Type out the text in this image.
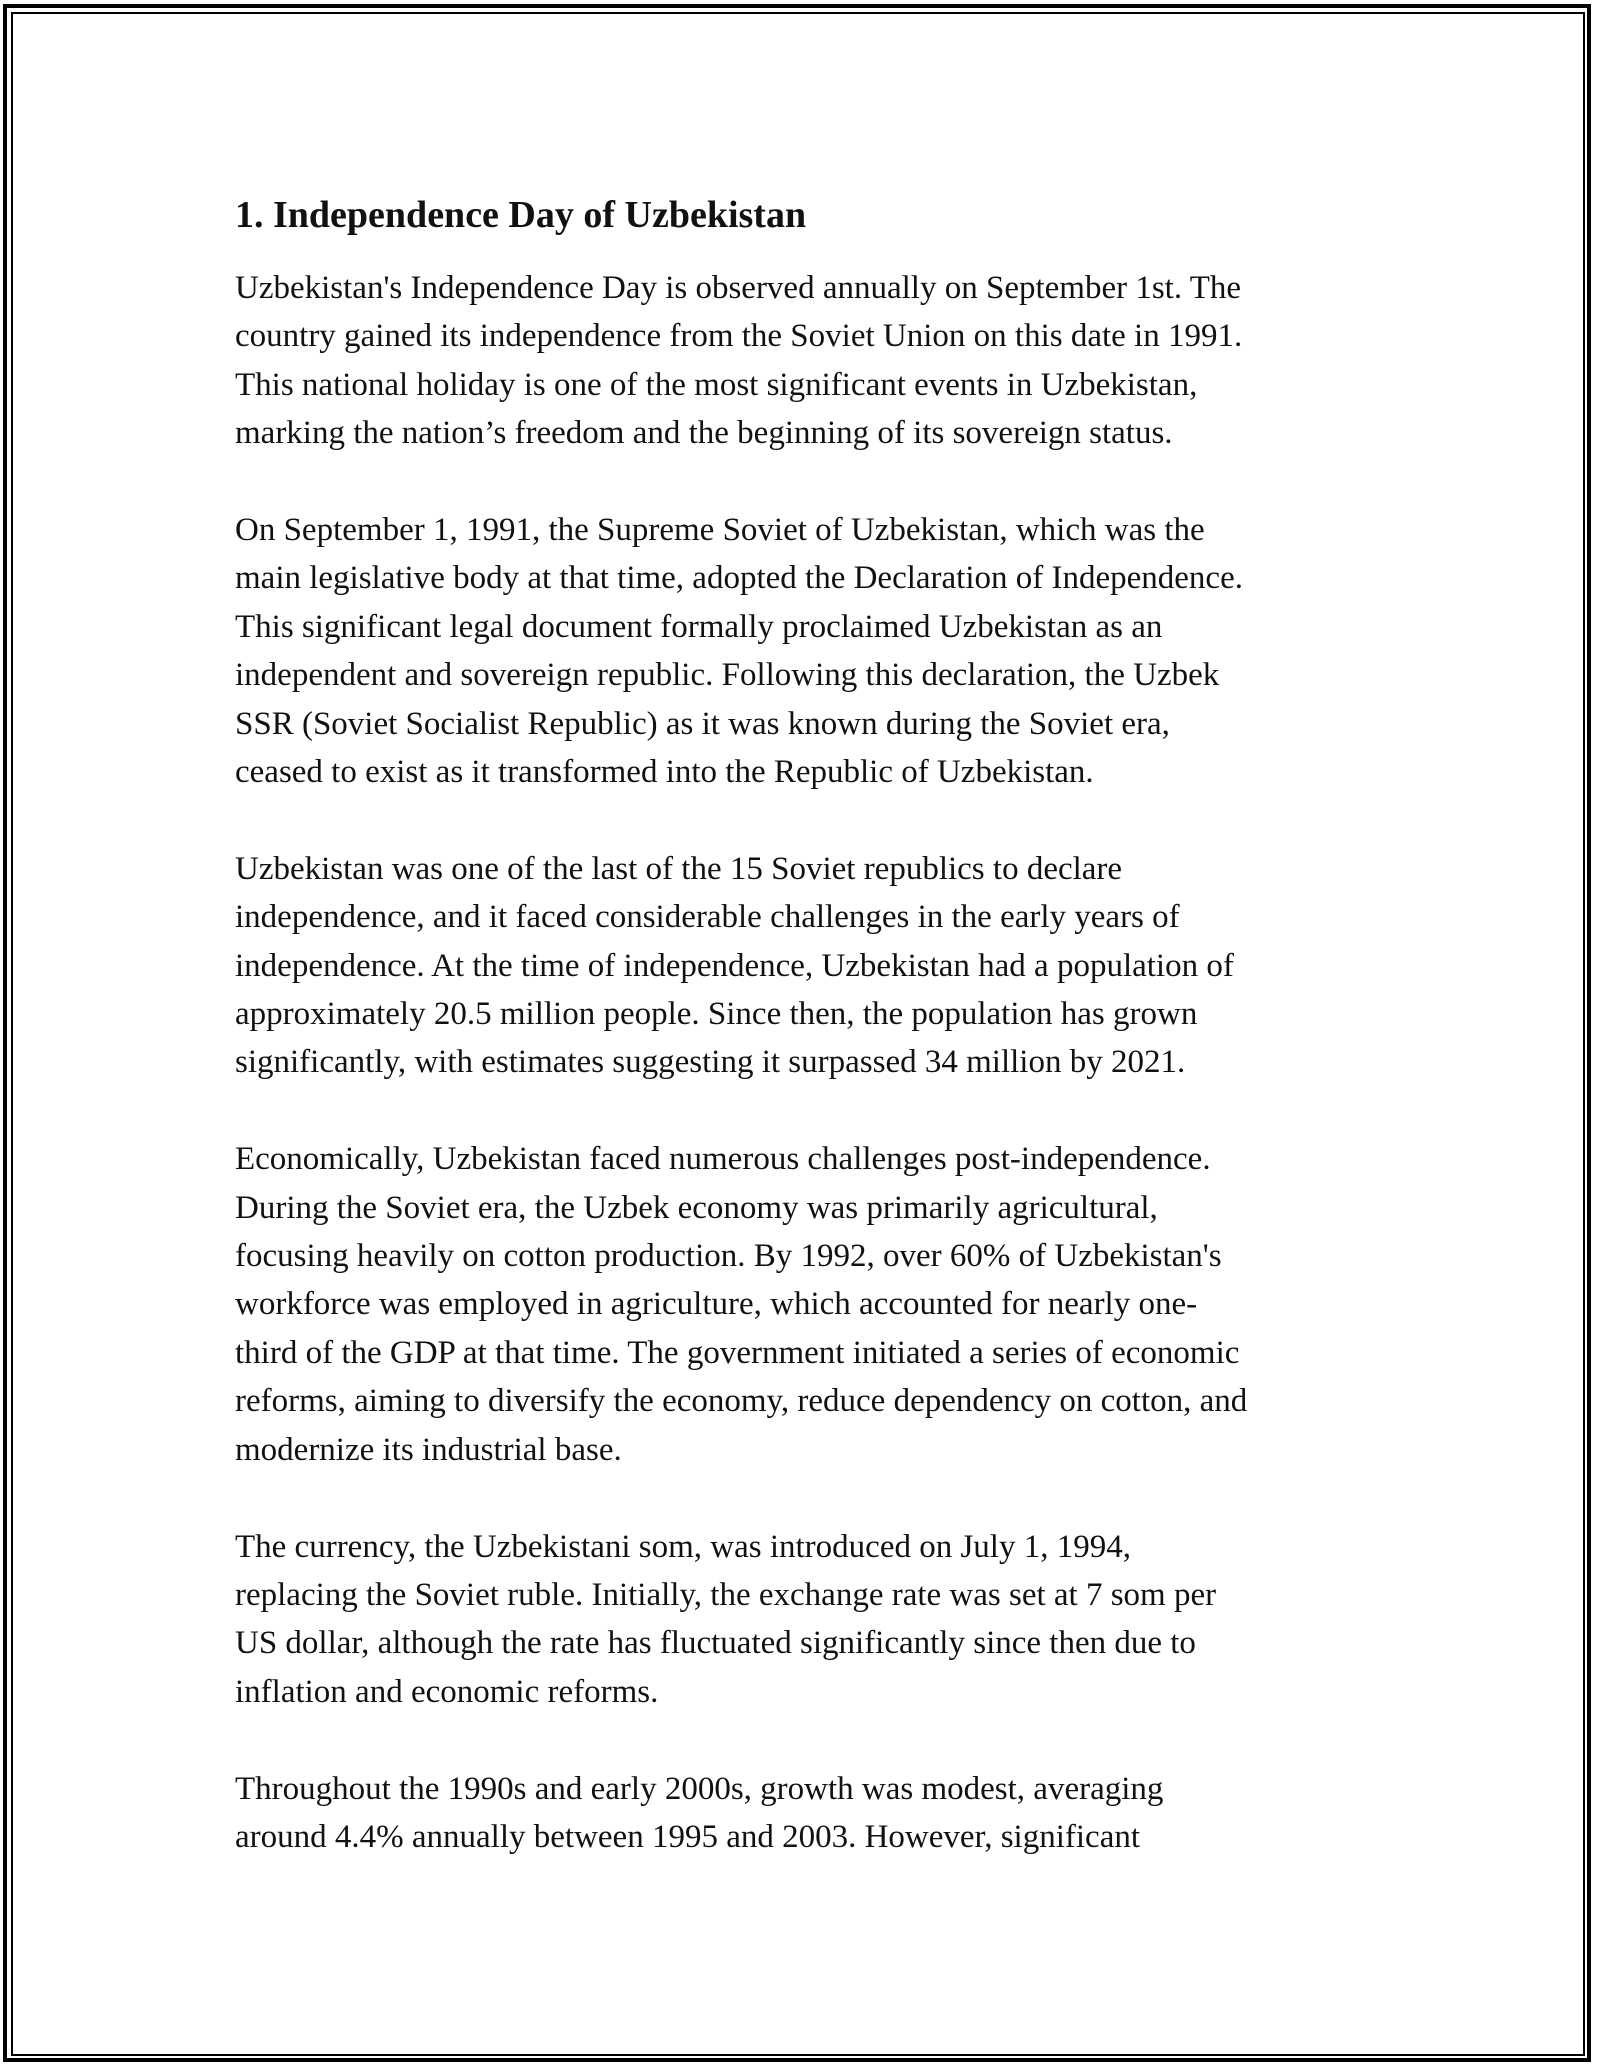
1. Independence Day of Uzbekistan

Uzbekistan's Independence Day is observed annually on September 1st. The
country gained its independence from the Soviet Union on this date in 1991.
This national holiday is one of the most significant events in Uzbekistan,
marking the nation’s freedom and the beginning of its sovereign status.

On September 1, 1991, the Supreme Soviet of Uzbekistan, which was the
main legislative body at that time, adopted the Declaration of Independence.
This significant legal document formally proclaimed Uzbekistan as an
independent and sovereign republic. Following this declaration, the Uzbek
SSR (Soviet Socialist Republic) as it was known during the Soviet era,
ceased to exist as it transformed into the Republic of Uzbekistan.

Uzbekistan was one of the last of the 15 Soviet republics to declare
independence, and it faced considerable challenges in the early years of
independence. At the time of independence, Uzbekistan had a population of
approximately 20.5 million people. Since then, the population has grown
significantly, with estimates suggesting it surpassed 34 million by 2021.

Economically, Uzbekistan faced numerous challenges post-independence.
During the Soviet era, the Uzbek economy was primarily agricultural,
focusing heavily on cotton production. By 1992, over 60% of Uzbekistan's
workforce was employed in agriculture, which accounted for nearly one-
third of the GDP at that time. The government initiated a series of economic
reforms, aiming to diversify the economy, reduce dependency on cotton, and
modernize its industrial base.

The currency, the Uzbekistani som, was introduced on July 1, 1994,
replacing the Soviet ruble. Initially, the exchange rate was set at 7 som per
US dollar, although the rate has fluctuated significantly since then due to
inflation and economic reforms.

Throughout the 1990s and early 2000s, growth was modest, averaging
around 4.4% annually between 1995 and 2003. However, significant
